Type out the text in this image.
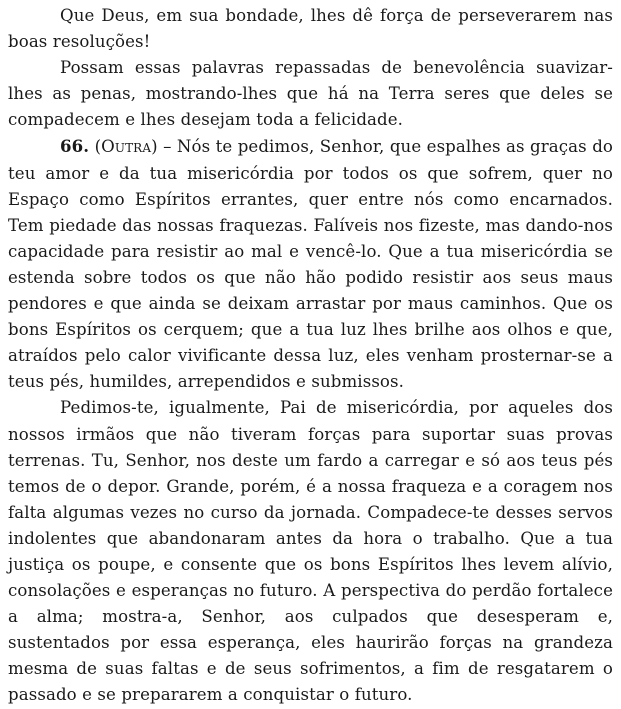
Que Deus, em sua bondade, lhes dê força de perseverarem nas boas resoluções!

Possam essas palavras repassadas de benevolência suavizar-lhes as penas, mostrando-lhes que há na Terra seres que deles se compadecem e lhes desejam toda a felicidade.

66. (Outra) – Nós te pedimos, Senhor, que espalhes as graças do teu amor e da tua misericórdia por todos os que sofrem, quer no Espaço como Espíritos errantes, quer entre nós como encarnados. Tem piedade das nossas fraquezas. Falíveis nos fizeste, mas dando-nos capacidade para resistir ao mal e vencê-lo. Que a tua misericórdia se estenda sobre todos os que não hão podido resistir aos seus maus pendores e que ainda se deixam arrastar por maus caminhos. Que os bons Espíritos os cerquem; que a tua luz lhes brilhe aos olhos e que, atraídos pelo calor vivificante dessa luz, eles venham prosternar-se a teus pés, humildes, arrependidos e submissos.

Pedimos-te, igualmente, Pai de misericórdia, por aqueles dos nossos irmãos que não tiveram forças para suportar suas provas terrenas. Tu, Senhor, nos deste um fardo a carregar e só aos teus pés temos de o depor. Grande, porém, é a nossa fraqueza e a coragem nos falta algumas vezes no curso da jornada. Compadece-te desses servos indolentes que abandonaram antes da hora o trabalho. Que a tua justiça os poupe, e consente que os bons Espíritos lhes levem alívio, consolações e esperanças no futuro. A perspectiva do perdão fortalece a alma; mostra-a, Senhor, aos culpados que desesperam e, sustentados por essa esperança, eles haurirão forças na grandeza mesma de suas faltas e de seus sofrimentos, a fim de resgatarem o passado e se prepararem a conquistar o futuro.
